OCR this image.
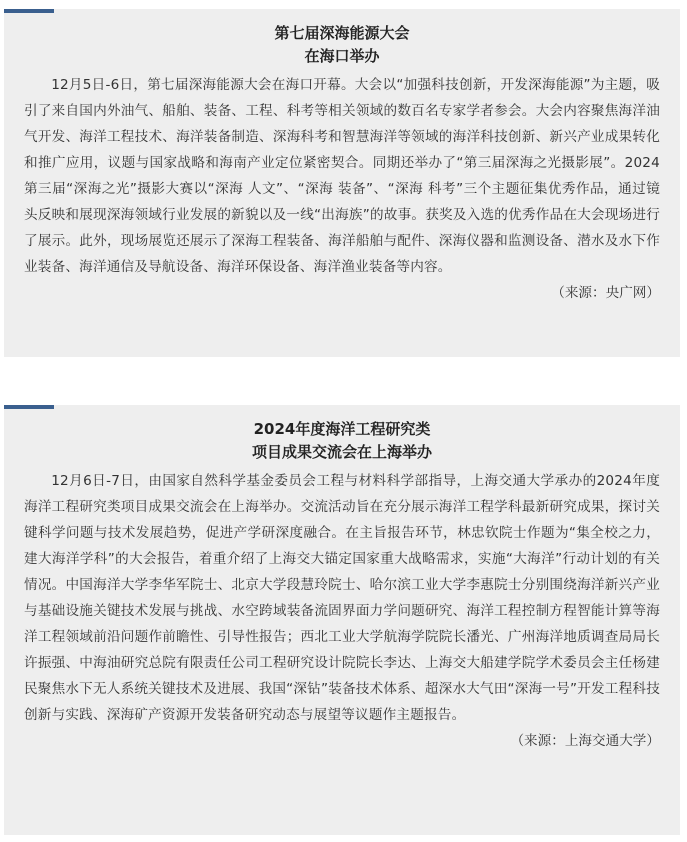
第七届深海能源大会
在海口举办

12月5日-6日，第七届深海能源大会在海口开幕。大会以“加强科技创新，开发深海能源”为主题，吸引了来自国内外油气、船舶、装备、工程、科考等相关领域的数百名专家学者参会。大会内容聚焦海洋油气开发、海洋工程技术、海洋装备制造、深海科考和智慧海洋等领域的海洋科技创新、新兴产业成果转化和推广应用，议题与国家战略和海南产业定位紧密契合。同期还举办了“第三届深海之光摄影展”。2024第三届“深海之光”摄影大赛以“深海 人文”、“深海 装备”、“深海 科考”三个主题征集优秀作品，通过镜头反映和展现深海领域行业发展的新貌以及一线“出海族”的故事。获奖及入选的优秀作品在大会现场进行了展示。此外，现场展览还展示了深海工程装备、海洋船舶与配件、深海仪器和监测设备、潜水及水下作业装备、海洋通信及导航设备、海洋环保设备、海洋渔业装备等内容。

（来源：央广网）

2024年度海洋工程研究类
项目成果交流会在上海举办

12月6日-7日，由国家自然科学基金委员会工程与材料科学部指导，上海交通大学承办的2024年度海洋工程研究类项目成果交流会在上海举办。交流活动旨在充分展示海洋工程学科最新研究成果，探讨关键科学问题与技术发展趋势，促进产学研深度融合。在主旨报告环节，林忠钦院士作题为“集全校之力，建大海洋学科”的大会报告，着重介绍了上海交大锚定国家重大战略需求，实施“大海洋”行动计划的有关情况。中国海洋大学李华军院士、北京大学段慧玲院士、哈尔滨工业大学李惠院士分别围绕海洋新兴产业与基础设施关键技术发展与挑战、水空跨域装备流固界面力学问题研究、海洋工程控制方程智能计算等海洋工程领域前沿问题作前瞻性、引导性报告；西北工业大学航海学院院长潘光、广州海洋地质调查局局长许振强、中海油研究总院有限责任公司工程研究设计院院长李达、上海交大船建学院学术委员会主任杨建民聚焦水下无人系统关键技术及进展、我国“深钻”装备技术体系、超深水大气田“深海一号”开发工程科技创新与实践、深海矿产资源开发装备研究动态与展望等议题作主题报告。

（来源：上海交通大学）
